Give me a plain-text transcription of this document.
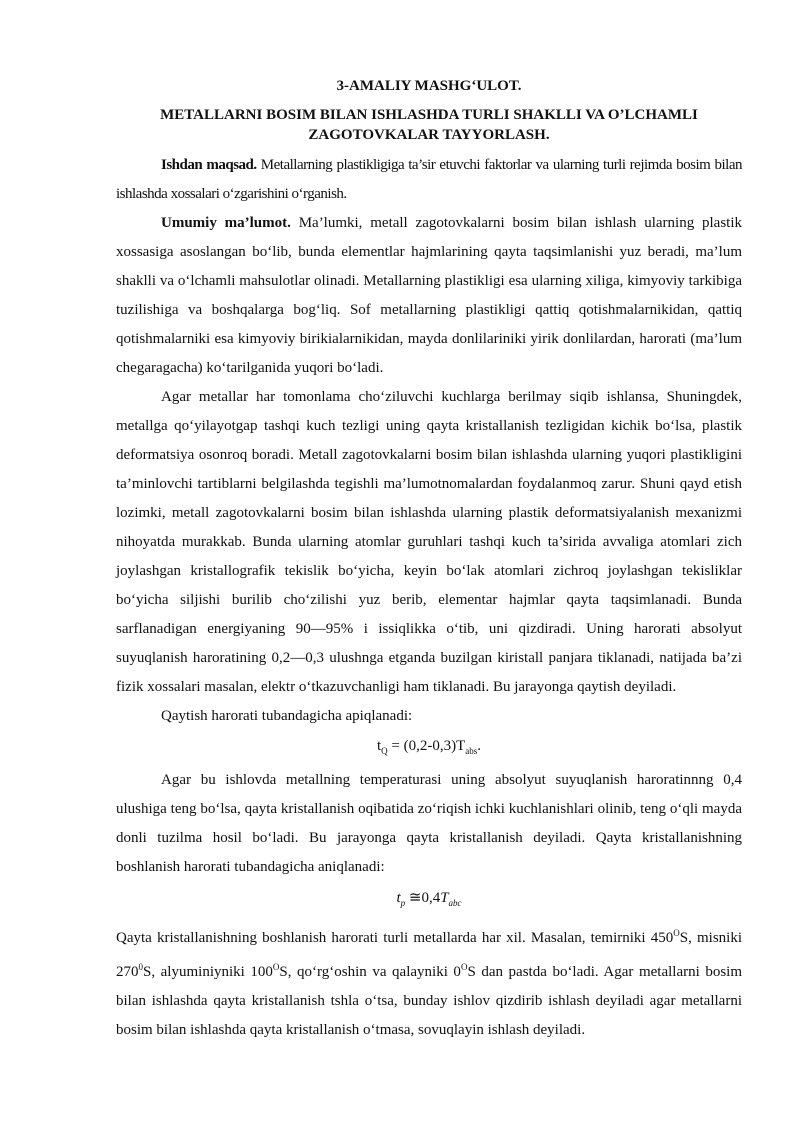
3-AMALIY MASHG‘ULOT.
METALLARNI BOSIM BILAN ISHLASHDA TURLI SHAKLLI VA O’LCHAMLI ZAGOTOVKALAR TAYYORLASH.

Ishdan maqsad. Metallarning plastikligiga ta’sir etuvchi faktorlar va ularning turli rejimda bosim bilan ishlashda xossalari o‘zgarishini o‘rganish.

Umumiy ma’lumot. Ma’lumki, metall zagotovkalarni bosim bilan ishlash ularning plastik xossasiga asoslangan bo‘lib, bunda elementlar hajmlarining qayta taqsimlanishi yuz beradi, ma’lum shaklli va o‘lchamli mahsulotlar olinadi. Metallarning plastikligi esa ularning xiliga, kimyoviy tarkibiga tuzilishiga va boshqalarga bog‘liq. Sof metallarning plastikligi qattiq qotishmalarnikidan, qattiq qotishmalarniki esa kimyoviy birikialarnikidan, mayda donlilariniki yirik donlilardan, harorati (ma’lum chegaragacha) ko‘tarilganida yuqori bo‘ladi.

Agar metallar har tomonlama cho‘ziluvchi kuchlarga berilmay siqib ishlansa, Shuningdek, metallga qo‘yilayotgap tashqi kuch tezligi uning qayta kristallanish tezligidan kichik bo‘lsa, plastik deformatsiya osonroq boradi. Metall zagotovkalarni bosim bilan ishlashda ularning yuqori plastikligini ta’minlovchi tartiblarni belgilashda tegishli ma’lumotnomalardan foydalanmoq zarur. Shuni qayd etish lozimki, metall zagotovkalarni bosim bilan ishlashda ularning plastik deformatsiyalanish mexanizmi nihoyatda murakkab. Bunda ularning atomlar guruhlari tashqi kuch ta’sirida avvaliga atomlari zich joylashgan kristallografik tekislik bo‘yicha, keyin bo‘lak atomlari zichroq joylashgan tekisliklar bo‘yicha siljishi burilib cho‘zilishi yuz berib, elementar hajmlar qayta taqsimlanadi. Bunda sarflanadigan energiyaning 90—95% i issiqlikka o‘tib, uni qizdiradi. Uning harorati absolyut suyuqlanish haroratining 0,2—0,3 ulushnga etganda buzilgan kiristall panjara tiklanadi, natijada ba’zi fizik xossalari masalan, elektr o‘tkazuvchanligi ham tiklanadi. Bu jarayonga qaytish deyiladi.

Qaytish harorati tubandagicha apiqlanadi:

$t_Q = (0,2-0,3)T_{abs}$.

Agar bu ishlovda metallning temperaturasi uning absolyut suyuqlanish haroratinnng 0,4 ulushiga teng bo‘lsa, qayta kristallanish oqibatida zo‘riqish ichki kuchlanishlari olinib, teng o‘qli mayda donli tuzilma hosil bo‘ladi. Bu jarayonga qayta kristallanish deyiladi. Qayta kristallanishning boshlanish harorati tubandagicha aniqlanadi:

$t_p$ $≅0,4T_{abc}$

Qayta kristallanishning boshlanish harorati turli metallarda har xil. Masalan, temirniki $450^OS$, misniki $270^0S$, alyuminiyniki $100^OS$, qo‘rg‘oshin va qalayniki $0^OS$ dan pastda bo‘ladi. Agar metallarni bosim bilan ishlashda qayta kristallanish tshla o‘tsa, bunday ishlov qizdirib ishlash deyiladi agar metallarni bosim bilan ishlashda qayta kristallanish o‘tmasa, sovuqlayin ishlash deyiladi.
